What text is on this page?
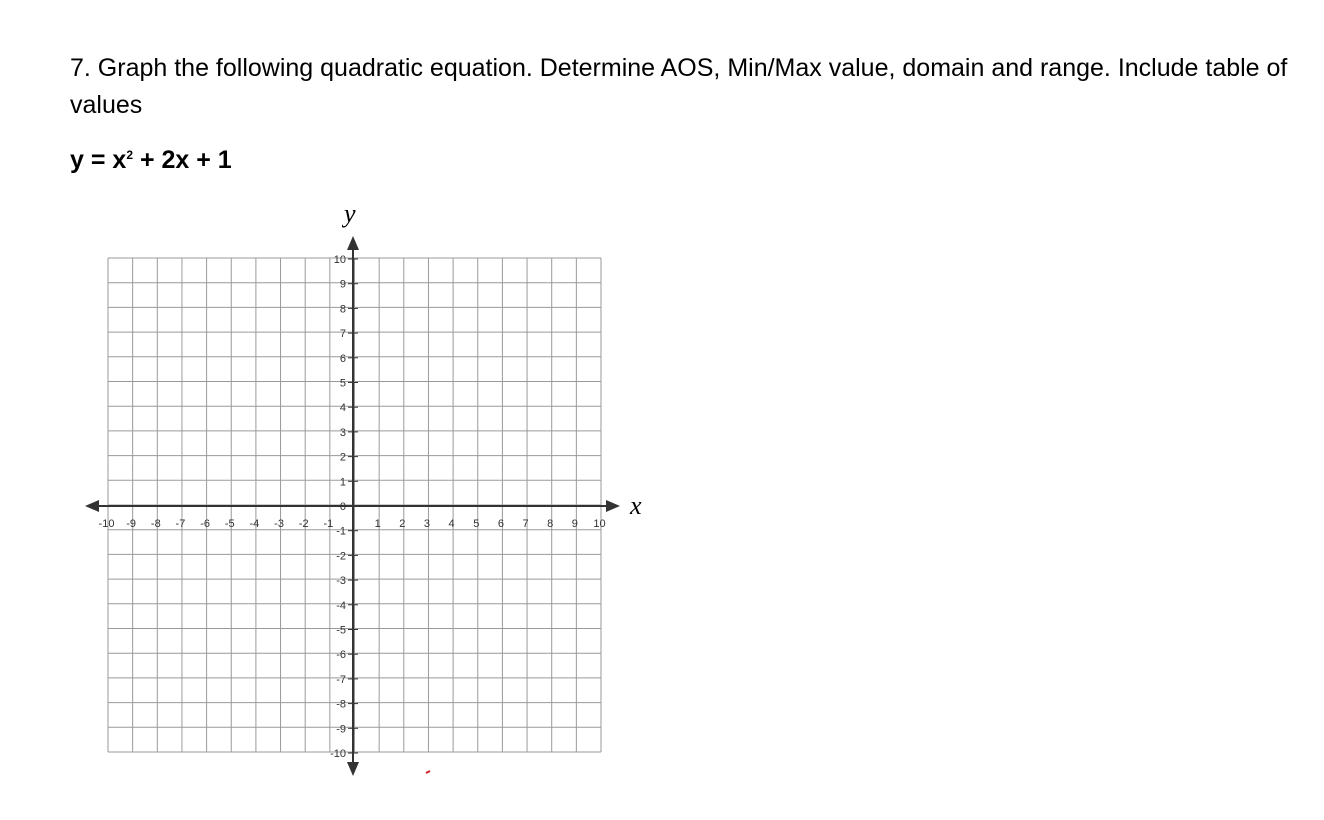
7. Graph the following quadratic equation. Determine AOS, Min/Max value, domain and range. Include table of values

$y = x^2 + 2x + 1$

-10 -9 -8 -7 -6 -5 -4 -3 -2 -1	1 2 3 4 5 6 7 8 9 10
10
9
8
7
6
5
4
3
2
1
-1
-2
-3
-4
-5
-6
-7
-8
-9
-10
0
y
x
